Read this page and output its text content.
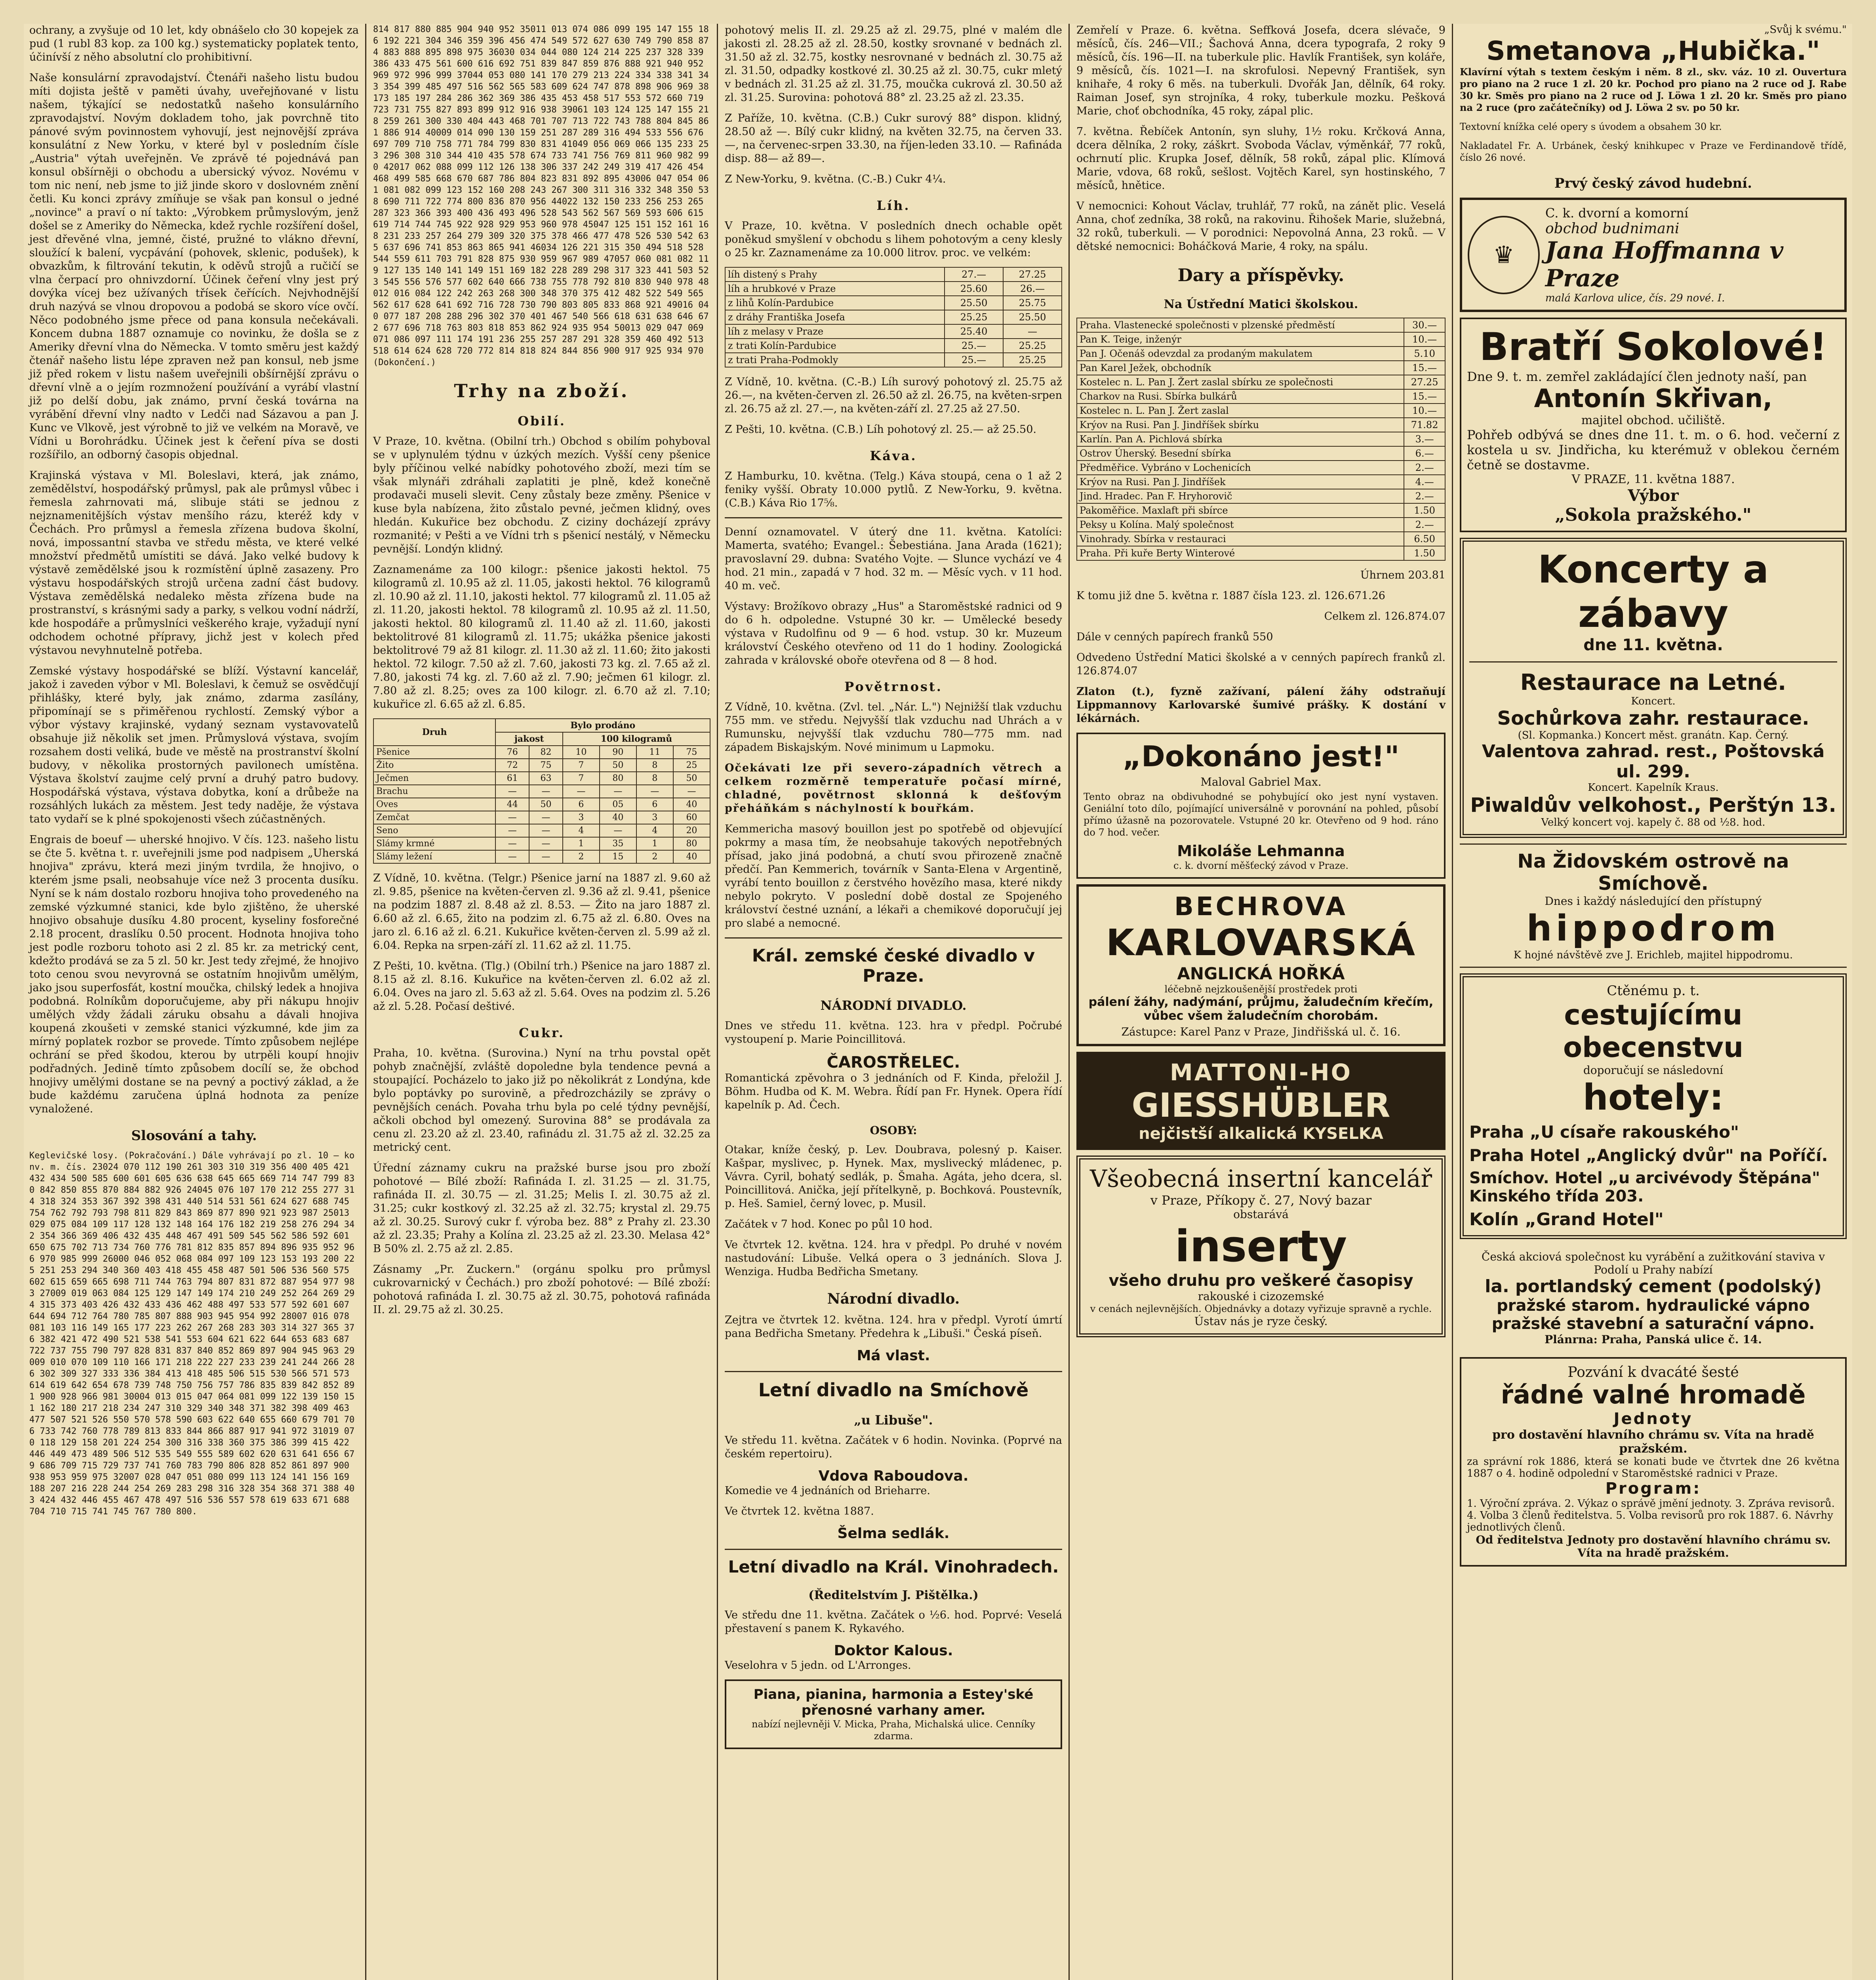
ochrany, a zvyšuje od 10 let, kdy obnášelo cło 30 kopejek za pud (1 rubl 83 kop. za 100 kg.) systematicky poplatek tento, účinívší z něho absolutní clo prohibitivní.

Naše konsulární zpravodajství. Čtenáři našeho listu budou míti dojista ještě v paměti úvahy, uveřejňované v listu našem, týkající se nedostatků našeho konsulárního zpravodajství. Novým dokladem toho, jak povrchně tito pánové svým povinnostem vyhovují, jest nejnovější zpráva konsulátní z New Yorku, v které byl v posledním čísle „Austria" výtah uveřejněn. Ve zprávě té pojednává pan konsul obšírněji o obchodu a ubersický vývoz. Novému v tom nic není, neb jsme to již jinde skoro v doslovném znění četli. Ku konci zprávy zmíňuje se však pan konsul o jedné „novince" a praví o ní takto: „Výrobkem průmyslovým, jenž došel se z Ameriky do Německa, kdež rychle rozšíření došel, jest dřevěné vlna, jemné, čisté, pružné to vlákno dřevní, sloužící k balení, vycpávání (pohovek, sklenic, podušek), k obvazkům, k filtrování tekutin, k oděvů strojů a ručičí se vlna čerpací pro ohnivzdorní. Účinek čeření vlny jest prý dovýka vícej bez užívaných třísek čeřících. Nejvhodnější druh nazývá se vlnou dropovou a podobá se skoro více ovčí. Něco podobného jsme přece od pana konsula nečekávali. Koncem dubna 1887 oznamuje co novinku, že došla se z Ameriky dřevní vlna do Německa. V tomto směru jest každý čtenář našeho listu lépe zpraven než pan konsul, neb jsme již před rokem v listu našem uveřejnili obšírnější zprávu o dřevní vlně a o jejím rozmnožení používání a vyrábí vlastní již po delší dobu, jak známo, první česká továrna na vyrábění dřevní vlny nadto v Ledči nad Sázavou a pan J. Kunc ve Vlkově, jest výrobně to již ve velkém na Moravě, ve Vídni u Borohrádku. Účinek jest k čeření píva se dosti rozšířilo, an odborný časopis objednal.

Krajinská výstava v Ml. Boleslavi, která, jak známo, zemědělství, hospodářský průmysl, pak ale průmysl vůbec i řemesla zahrnovati má, slibuje státi se jednou z nejznamenitějších výstav menšího rázu, kteréž kdy v Čechách. Pro průmysl a řemesla zřízena budova školní, nová, impossantní stavba ve středu města, ve které velké množství předmětů umístiti se dává. Jako velké budovy k výstavě zemědělské jsou k rozmístění úplně zasazeny. Pro výstavu hospodářských strojů určena zadní část budovy. Výstava zemědělská nedaleko města zřízena bude na prostranství, s krásnými sady a parky, s velkou vodní nádrží, kde hospodáře a průmyslníci veškerého kraje, vyžadují nyní odchodem ochotné přípravy, jichž jest v kolech před výstavou nevyhnutelně potřeba.

Zemské výstavy hospodářské se blíží. Výstavní kancelář, jakož i zaveden výbor v Ml. Boleslavi, k čemuž se osvědčují přihlášky, které byly, jak známo, zdarma zasílány, připomínají se s přiměřenou rychlostí. Zemský výbor a výbor výstavy krajinské, vydaný seznam vystavovatelů obsahuje již několik set jmen. Průmyslová výstava, svojím rozsahem dosti veliká, bude ve městě na prostranství školní budovy, v několika prostorných pavilonech umístěna. Výstava školství zaujme celý první a druhý patro budovy. Hospodářská výstava, výstava dobytka, koní a drůbeže na rozsáhlých lukách za městem. Jest tedy naděje, že výstava tato vydaří se k plné spokojenosti všech zúčastněných.

Engrais de boeuf — uherské hnojivo. V čís. 123. našeho listu se čte 5. května t. r. uveřejnili jsme pod nadpisem „Uherská hnojiva" zprávu, která mezi jiným tvrdila, že hnojivo, o kterém jsme psali, neobsahuje více než 3 procenta dusíku. Nyní se k nám dostalo rozboru hnojiva toho provedeného na zemské výzkumné stanici, kde bylo zjištěno, že uherské hnojivo obsahuje dusíku 4.80 procent, kyseliny fosforečné 2.18 procent, draslíku 0.50 procent. Hodnota hnojiva toho jest podle rozboru tohoto asi 2 zl. 85 kr. za metrický cent, kdežto prodává se za 5 zl. 50 kr. Jest tedy zřejmé, že hnojivo toto cenou svou nevyrovná se ostatním hnojivům umělým, jako jsou superfosfát, kostní moučka, chilský ledek a hnojiva podobná. Rolníkům doporučujeme, aby při nákupu hnojiv umělých vždy žádali záruku obsahu a dávali hnojiva koupená zkoušeti v zemské stanici výzkumné, kde jim za mírný poplatek rozbor se provede. Tímto způsobem nejlépe ochrání se před škodou, kterou by utrpěli koupí hnojiv podřadných. Jedině tímto způsobem docílí se, že obchod hnojivy umělými dostane se na pevný a poctivý základ, a že bude každému zaručena úplná hodnota za peníze vynaložené.

Slosování a tahy.

Keglevičské losy. (Pokračování.) Dále vyhrávají po zl. 10 — konv. m. čís. 23024 070 112 190 261 303 310 319 356 400 405 421 432 434 500 585 600 601 605 636 638 645 665 669 714 747 799 830 842 850 855 870 884 882 926 24045 076 107 170 212 255 277 314 318 324 353 367 392 398 431 440 514 531 561 624 627 688 745 754 762 792 793 798 811 829 843 869 877 890 921 923 987 25013 029 075 084 109 117 128 132 148 164 176 182 219 258 276 294 342 354 366 369 406 432 435 448 467 491 509 545 562 586 592 601 650 675 702 713 734 760 776 781 812 835 857 894 896 935 952 966 970 985 999 26000 046 052 068 084 097 109 123 153 193 200 225 251 253 294 340 360 403 418 455 458 487 501 506 536 560 575 602 615 659 665 698 711 744 763 794 807 831 872 887 954 977 983 27009 019 063 084 125 129 147 149 174 210 249 252 264 269 294 315 373 403 426 432 433 436 462 488 497 533 577 592 601 607 644 694 712 764 780 785 807 888 903 945 954 992 28007 016 078 081 103 116 149 165 177 223 262 267 268 283 303 314 327 365 376 382 421 472 490 521 538 541 553 604 621 622 644 653 683 687 722 737 755 790 797 828 831 837 840 852 869 897 904 945 963 29009 010 070 109 110 166 171 218 222 227 233 239 241 244 266 286 302 309 327 333 336 384 413 418 485 506 515 530 566 571 573 614 619 642 654 678 739 748 750 756 757 786 835 839 842 852 891 900 928 966 981 30004 013 015 047 064 081 099 122 139 150 151 162 180 217 218 234 247 310 329 340 348 371 382 398 409 463 477 507 521 526 550 570 578 590 603 622 640 655 660 679 701 706 733 742 760 778 789 813 833 844 866 887 917 941 972 31019 070 118 129 158 201 224 254 300 316 338 360 375 386 399 415 422 446 449 473 489 506 512 535 549 555 589 602 620 631 641 656 679 686 709 715 729 737 741 760 783 790 806 828 852 861 897 900 938 953 959 975 32007 028 047 051 080 099 113 124 141 156 169 188 207 216 228 244 254 269 283 298 316 328 354 368 371 388 403 424 432 446 455 467 478 497 516 536 557 578 619 633 671 688 704 710 715 741 745 767 780 800.

814 817 880 885 904 940 952 35011 013 074 086 099 195 147 155 186 192 221 304 346 359 396 456 474 549 572 627 630 749 790 858 874 883 888 895 898 975 36030 034 044 080 124 214 225 237 328 339 386 433 475 561 600 616 692 751 839 847 859 876 888 921 940 952 969 972 996 999 37044 053 080 141 170 279 213 224 334 338 341 343 354 399 485 497 516 562 565 583 609 624 747 878 898 906 969 38173 185 197 284 286 362 369 386 435 453 458 517 553 572 660 719 723 731 755 827 893 899 912 916 938 39061 103 124 125 147 155 218 259 261 300 330 404 443 468 701 707 713 722 743 788 804 845 861 886 914 40009 014 090 130 159 251 287 289 316 494 533 556 676 697 709 710 758 771 784 799 830 831 41049 056 069 066 135 233 253 296 308 310 344 410 435 578 674 733 741 756 769 811 960 982 990 42017 062 088 099 112 126 138 306 337 242 249 319 417 426 454 468 499 585 668 670 687 786 804 823 831 892 895 43006 047 054 061 081 082 099 123 152 160 208 243 267 300 311 316 332 348 350 538 690 711 722 774 800 836 870 956 44022 132 150 233 256 253 265 287 323 366 393 400 436 493 496 528 543 562 567 569 593 606 615 619 714 744 745 922 928 929 953 960 978 45047 125 151 152 161 168 231 233 257 264 279 309 320 375 378 466 477 478 526 530 542 635 637 696 741 853 863 865 941 46034 126 221 315 350 494 518 528 544 559 611 703 791 828 875 930 959 967 989 47057 060 081 082 119 127 135 140 141 149 151 169 182 228 289 298 317 323 441 503 523 545 556 576 577 602 640 666 738 755 778 792 810 830 940 978 48012 016 084 122 242 263 268 300 348 370 375 412 482 522 549 565 562 617 628 641 692 716 728 730 790 803 805 833 868 921 49016 040 077 187 208 288 296 302 370 401 467 540 566 618 631 638 646 672 677 696 718 763 803 818 853 862 924 935 954 50013 029 047 069 071 086 097 111 174 191 236 255 257 287 291 328 359 460 492 513 518 614 624 628 720 772 814 818 824 844 856 900 917 925 934 970 (Dokončení.)

Trhy na zboží.
Obilí.

V Praze, 10. května. (Obilní trh.) Obchod s obilím pohyboval se v uplynulém týdnu v úzkých mezích. Vyšší ceny pšenice byly příčinou velké nabídky pohotového zboží, mezi tím se však mlynáři zdráhali zaplatiti je plně, kdež konečně prodavači museli slevit. Ceny zůstaly beze změny. Pšenice v kuse byla nabízena, žito zůstalo pevné, ječmen klidný, oves hledán. Kukuřice bez obchodu. Z ciziny docházejí zprávy rozmanité; v Pešti a ve Vídni trh s pšenicí nestálý, v Německu pevnější. Londýn klidný.

Zaznamenáme za 100 kilogr.: pšenice jakosti hektol. 75 kilogramů zl. 10.95 až zl. 11.05, jakosti hektol. 76 kilogramů zl. 10.90 až zl. 11.10, jakosti hektol. 77 kilogramů zl. 11.05 až zl. 11.20, jakosti hektol. 78 kilogramů zl. 10.95 až zl. 11.50, jakosti hektol. 80 kilogramů zl. 11.40 až zl. 11.60, jakosti bektolitrové 81 kilogramů zl. 11.75; ukážka pšenice jakosti bektolitrové 79 až 81 kilogr. zl. 11.30 až zl. 11.60; žito jakosti hektol. 72 kilogr. 7.50 až zl. 7.60, jakosti 73 kg. zl. 7.65 až zl. 7.80, jakosti 74 kg. zl. 7.60 až zl. 7.90; ječmen 61 kilogr. zl. 7.80 až zl. 8.25; oves za 100 kilogr. zl. 6.70 až zl. 7.10; kukuřice zl. 6.65 až zl. 6.85.

Druh	Bylo prodáno					
	jakost		100 kilogramů			
Pšenice	76	82	10	90	11	75
Žito	72	75	7	50	8	25
Ječmen	61	63	7	80	8	50
Brachu	—	—	—	—	—	—
Oves	44	50	6	05	6	40
Zemčat	—	—	3	40	3	60
Seno	—	—	4	—	4	20
Slámy krmné	—	—	1	35	1	80
Slámy ležení	—	—	2	15	2	40

Z Vídně, 10. května. (Telgr.) Pšenice jarní na 1887 zl. 9.60 až zl. 9.85, pšenice na květen-červen zl. 9.36 až zl. 9.41, pšenice na podzim 1887 zl. 8.48 až zl. 8.53. — Žito na jaro 1887 zl. 6.60 až zl. 6.65, žito na podzim zl. 6.75 až zl. 6.80. Oves na jaro zl. 6.16 až zl. 6.21. Kukuřice květen-červen zl. 5.99 až zl. 6.04. Repka na srpen-září zl. 11.62 až zl. 11.75.

Z Pešti, 10. května. (Tlg.) (Obilní trh.) Pšenice na jaro 1887 zl. 8.15 až zl. 8.16. Kukuřice na květen-červen zl. 6.02 až zl. 6.04. Oves na jaro zl. 5.63 až zl. 5.64. Oves na podzim zl. 5.26 až zl. 5.28. Počasí deštivé.

Cukr.

Praha, 10. května. (Surovina.) Nyní na trhu povstal opět pohyb značnější, zvláště dopoledne byla tendence pevná a stoupající. Pocházelo to jako již po několikrát z Londýna, kde bylo poptávky po surovině, a předrozcházily se zprávy o pevnějších cenách. Povaha trhu byla po celé týdny pevnější, ačkoli obchod byl omezený. Surovina 88° se prodávala za cenu zl. 23.20 až zl. 23.40, rafinádu zl. 31.75 až zl. 32.25 za metrický cent.

Úřední záznamy cukru na pražské burse jsou pro zboží pohotové — Bílé zboží: Rafináda I. zl. 31.25 — zl. 31.75, rafináda II. zl. 30.75 — zl. 31.25; Melis I. zl. 30.75 až zl. 31.25; cukr kostkový zl. 32.25 až zl. 32.75; krystal zl. 29.75 až zl. 30.25. Surový cukr f. výroba bez. 88° z Prahy zl. 23.30 až zl. 23.35; Prahy a Kolína zl. 23.25 až zl. 23.30. Melasa 42° B 50% zl. 2.75 až zl. 2.85.

Zásnamy „Pr. Zuckern." (orgánu spolku pro průmysl cukrovarnický v Čechách.) pro zboží pohotové: — Bílé zboží: pohotová rafináda I. zl. 30.75 až zl. 30.75, pohotová rafináda II. zl. 29.75 až zl. 30.25.

pohotový melis II. zl. 29.25 až zl. 29.75, plné v malém dle jakosti zl. 28.25 až zl. 28.50, kostky srovnané v bednách zl. 31.50 až zl. 32.75, kostky nesrovnané v bednách zl. 30.75 až zl. 31.50, odpadky kostkové zl. 30.25 až zl. 30.75, cukr mletý v bednách zl. 31.25 až zl. 31.75, moučka cukrová zl. 30.50 až zl. 31.25. Surovina: pohotová 88° zl. 23.25 až zl. 23.35.

Z Paříže, 10. května. (C.B.) Cukr surový 88° dispon. klidný, 28.50 až —. Bílý cukr klidný, na květen 32.75, na červen 33.—, na červenec-srpen 33.30, na říjen-leden 33.10. — Rafináda disp. 88— až 89—.

Z New-Yorku, 9. května. (C.-B.) Cukr 4¼.

Líh.

V Praze, 10. května. V posledních dnech ochable opět poněkud smyšlení v obchodu s lihem pohotovým a ceny klesly o 25 kr. Zaznamenáme za 10.000 litrov. proc. ve velkém:

líh distený s Prahy	27.—	27.25
líh a hrubkové v Praze	25.60	26.—
z lihů Kolín-Pardubice	25.50	25.75
z dráhy Františka Josefa	25.25	25.50
líh z melasy v Praze	25.40	—
z trati Kolín-Pardubice	25.—	25.25
z trati Praha-Podmokly	25.—	25.25

Z Vídně, 10. května. (C.-B.) Líh surový pohotový zl. 25.75 až 26.—, na květen-červen zl. 26.50 až zl. 26.75, na květen-srpen zl. 26.75 až zl. 27.—, na květen-září zl. 27.25 až 27.50.

Z Pešti, 10. května. (C.B.) Líh pohotový zl. 25.— až 25.50.

Káva.

Z Hamburku, 10. května. (Telg.) Káva stoupá, cena o 1 až 2 feniky vyšší. Obraty 10.000 pytlů. Z New-Yorku, 9. května. (C.B.) Káva Rio 17⅝.

Denní oznamovatel. V úterý dne 11. května. Katolíci: Mamerta, svatého; Evangel.: Šebestiána. Jana Arada (1621); pravoslavní 29. dubna: Svatého Vojte. — Slunce vychází ve 4 hod. 21 min., zapadá v 7 hod. 32 m. — Měsíc vych. v 11 hod. 40 m. več.

Výstavy: Brožíkovo obrazy „Hus" a Staroměstské radnici od 9 do 6 h. odpoledne. Vstupné 30 kr. — Umělecké besedy výstava v Rudolfinu od 9 — 6 hod. vstup. 30 kr. Muzeum království Českého otevřeno od 11 do 1 hodiny. Zoologická zahrada v královské oboře otevřena od 8 — 8 hod.

Povětrnost.

Z Vídně, 10. května. (Zvl. tel. „Nár. L.") Nejnižší tlak vzduchu 755 mm. ve středu. Nejvyšší tlak vzduchu nad Uhrách a v Rumunsku, nejvyšší tlak vzduchu 780—775 mm. nad západem Biskajským. Nové minimum u Lapmoku.

Očekávati lze při severo-západních větrech a celkem rozměrně temperatuře počasí mírné, chladné, povětrnost sklonná k dešťovým přeháňkám s náchylností k bouřkám.

Kemmericha masový bouillon jest po spotřebě od objevující pokrmy a masa tím, že neobsahuje takových nepotřebných přísad, jako jiná podobná, a chutí svou přirozeně značně předčí. Pan Kemmerich, továrník v Santa-Elena v Argentině, vyrábí tento bouillon z čerstvého hovězího masa, které nikdy nebylo pokryto. V poslední době dostal ze Spojeného království čestné uznání, a lékaři a chemikové doporučují jej pro slabé a nemocné.

Král. zemské české divadlo v Praze.
NÁRODNÍ DIVADLO.

Dnes ve středu 11. května. 123. hra v předpl. Počrubé vystoupení p. Marie Poincillitová.

ČAROSTŘELEC.

Romantická zpěvohra o 3 jednáních od F. Kinda, přeložil J. Böhm. Hudba od K. M. Webra. Řídí pan Fr. Hynek. Opera řídí kapelník p. Ad. Čech.

OSOBY:

Otakar, kníže český, p. Lev. Doubrava, polesný p. Kaiser. Kašpar, myslivec, p. Hynek. Max, myslivecký mládenec, p. Vávra. Cyril, bohatý sedlák, p. Šmaha. Agáta, jeho dcera, sl. Poincillitová. Anička, její přítelkyně, p. Bochková. Poustevník, p. Heš. Samiel, černý lovec, p. Musil.

Začátek v 7 hod. Konec po půl 10 hod.

Ve čtvrtek 12. května. 124. hra v předpl. Po druhé v novém nastudování: Libuše. Velká opera o 3 jednáních. Slova J. Wenziga. Hudba Bedřicha Smetany.

Národní divadlo.

Zejtra ve čtvrtek 12. května. 124. hra v předpl. Vyrotí úmrtí pana Bedřicha Smetany. Předehra k „Libuši." Česká píseň.

Má vlast.
Letní divadlo na Smíchově
„u Libuše".

Ve středu 11. května. Začátek v 6 hodin. Novinka. (Poprvé na českém repertoiru).

Vdova Raboudova.

Komedie ve 4 jednáních od Brieharre.

Ve čtvrtek 12. května 1887.

Šelma sedlák.
Letní divadlo na Král. Vinohradech.
(Ředitelstvím J. Pištělka.)

Ve středu dne 11. května. Začátek o ½6. hod. Poprvé: Veselá přestavení s panem K. Rykavého.

Doktor Kalous.

Veselohra v 5 jedn. od L'Arronges.

Piana, pianina, harmonia a Estey'ské přenosné varhany amer.
nabízí nejlevněji V. Micka, Praha, Michalská ulice. Cenníky zdarma.

Zemřelí v Praze. 6. května. Seffková Josefa, dcera slévače, 9 měsíců, čís. 246—VII.; Šachová Anna, dcera typografa, 2 roky 9 měsíců, čís. 196—II. na tuberkule plic. Havlík František, syn koláře, 9 měsíců, čís. 1021—I. na skrofulosi. Nepevný František, syn knihaře, 4 roky 6 měs. na tuberkuli. Dvořák Jan, dělník, 64 roky. Raiman Josef, syn strojníka, 4 roky, tuberkule mozku. Pešková Marie, choť obchodníka, 45 roky, zápal plic.

7. května. Řebíček Antonín, syn sluhy, 1½ roku. Krčková Anna, dcera dělníka, 2 roky, záškrt. Svoboda Václav, výměnkář, 77 roků, ochrnutí plic. Krupka Josef, dělník, 58 roků, zápal plic. Klímová Marie, vdova, 68 roků, sešlost. Vojtěch Karel, syn hostinského, 7 měsíců, hnětice.

V nemocnici: Kohout Václav, truhlář, 77 roků, na zánět plic. Veselá Anna, choť zedníka, 38 roků, na rakovinu. Řihošek Marie, služebná, 32 roků, tuberkuli. — V porodnici: Nepovolná Anna, 23 roků. — V dětské nemocnici: Boháčková Marie, 4 roky, na spálu.

Dary a příspěvky.
Na Ústřední Matici školskou.
Praha. Vlastenecké společnosti v plzenské předměstí	30.—
Pan K. Teige, inženýr	10.—
Pan J. Očenáš odevzdal za prodaným makulatem	5.10
Pan Karel Ježek, obchodník	15.—
Kostelec n. L. Pan J. Žert zaslal sbírku ze společnosti	27.25
Charkov na Rusi. Sbírka bulkárů	15.—
Kostelec n. L. Pan J. Žert zaslal	10.—
Krýov na Rusi. Pan J. Jindříšek sbírku	71.82
Karlín. Pan A. Pichlová sbírka	3.—
Ostrov Úherský. Besední sbírka	6.—
Předměřice. Vybráno v Lochenicích	2.—
Krýov na Rusi. Pan J. Jindříšek	4.—
Jind. Hradec. Pan F. Hryhorovič	2.—
Pakoměřice. Maxlaft při sbírce	1.50
Peksy u Kolína. Malý společnost	2.—
Vinohrady. Sbírka v restauraci	6.50
Praha. Při kuře Berty Winterové	1.50

Úhrnem 203.81

K tomu již dne 5. května r. 1887 čísla 123. zl. 126.671.26

Celkem zl. 126.874.07

Dále v cenných papírech franků 550

Odvedeno Ústřední Matici školské a v cenných papírech franků zl. 126.874.07

Zlaton (t.), fyzně zažívaní, pálení žáhy odstraňují Lippmannovy Karlovarské šumivé prášky. K dostání v lékárnách.

„Dokonáno jest!"
Maloval Gabriel Max.
Tento obraz na obdivuhodné se pohybující oko jest nyní vystaven. Geniální toto dílo, pojímající universálně v porovnání na pohled, působí přímo úžasně na pozorovatele. Vstupné 20 kr. Otevřeno od 9 hod. ráno do 7 hod. večer.
Mikoláše Lehmanna
c. k. dvorní měšťecký závod v Praze.
BECHROVA
KARLOVARSKÁ
ANGLICKÁ HOŘKÁ
léčebně nejzkoušenější prostředek proti
pálení žáhy, nadýmání, průjmu, žaludečním křečím, vůbec všem žaludečním chorobám.
Zástupce: Karel Panz v Praze, Jindřišská ul. č. 16.
MATTONI-HO
GIESSHÜBLER
nejčistší alkalická KYSELKA
Všeobecná insertní kancelář
v Praze, Příkopy č. 27, Nový bazar
obstarává
inserty
všeho druhu pro veškeré časopisy
rakouské i cizozemské
v cenách nejlevnějších. Objednávky a dotazy vyřizuje spravně a rychle.
Ústav nás je ryze český.
„Svůj k svému."
Smetanova „Hubička."

Klavírní výtah s textem českým i něm. 8 zl., skv. váz. 10 zl. Ouvertura pro piano na 2 ruce 1 zl. 20 kr. Pochod pro piano na 2 ruce od J. Rabe 30 kr. Směs pro piano na 2 ruce od J. Löwa 1 zl. 20 kr. Směs pro piano na 2 ruce (pro začátečníky) od J. Löwa 2 sv. po 50 kr.

Textovní knížka celé opery s úvodem a obsahem 30 kr.

Nakladatel Fr. A. Urbánek, český knihkupec v Praze ve Ferdinandově třídě, číslo 26 nové.

Prvý český závod hudební.
♛
C. k. dvorní a komorní
obchod budnimani
Jana Hoffmanna v Praze
malá Karlova ulice, čís. 29 nové. I.
Bratří Sokolové!
Dne 9. t. m. zemřel zakládající člen jednoty naší, pan
Antonín Skřivan,
majitel obchod. učiliště.
Pohřeb odbývá se dnes dne 11. t. m. o 6. hod. večerní z kostela u sv. Jindřicha, ku kterémuž v oblekou černém četně se dostavme.
V PRAZE, 11. května 1887.
Výbor
„Sokola pražského."
Koncerty a zábavy
dne 11. května.
Restaurace na Letné.
Koncert.
Sochůrkova zahr. restaurace.
(Sl. Kopmanka.) Koncert měst. granátn. Kap. Černý.
Valentova zahrad. rest., Poštovská ul. 299.
Koncert. Kapelník Kraus.
Piwaldův velkohost., Perštýn 13.
Velký koncert voj. kapely č. 88 od ½8. hod.
Na Židovském ostrově na Smíchově.
Dnes i každý následující den přístupný
hippodrom
K hojné návštěvě zve J. Erichleb, majitel hippodromu.
Ctěnému p. t.
cestujícímu obecenstvu
doporučují se následovní
hotely:
Praha „U císaře rakouského"
Praha Hotel „Anglický dvůr" na Poříčí.
Smíchov. Hotel „u arcivévody Štěpána" Kinského třída 203.
Kolín „Grand Hotel"
Česká akciová společnost ku vyrábění a zužitkování staviva v Podolí u Prahy nabízí
la. portlandský cement (podolský)
pražské starom. hydraulické vápno
pražské stavební a saturační vápno.
Plánrna: Praha, Panská ulice č. 14.
Pozvání k dvacáté šesté
řádné valné hromadě
Jednoty
pro dostavění hlavního chrámu sv. Víta na hradě pražském.
za správní rok 1886, která se konati bude ve čtvrtek dne 26 května 1887 o 4. hodině odpolední v Staroměstské radnici v Praze.
Program:
1. Výroční zpráva. 2. Výkaz o správě jmění jednoty. 3. Zpráva revisorů. 4. Volba 3 členů ředitelstva. 5. Volba revisorů pro rok 1887. 6. Návrhy jednotlivých členů.
Od ředitelstva Jednoty pro dostavění hlavního chrámu sv. Víta na hradě pražském.
